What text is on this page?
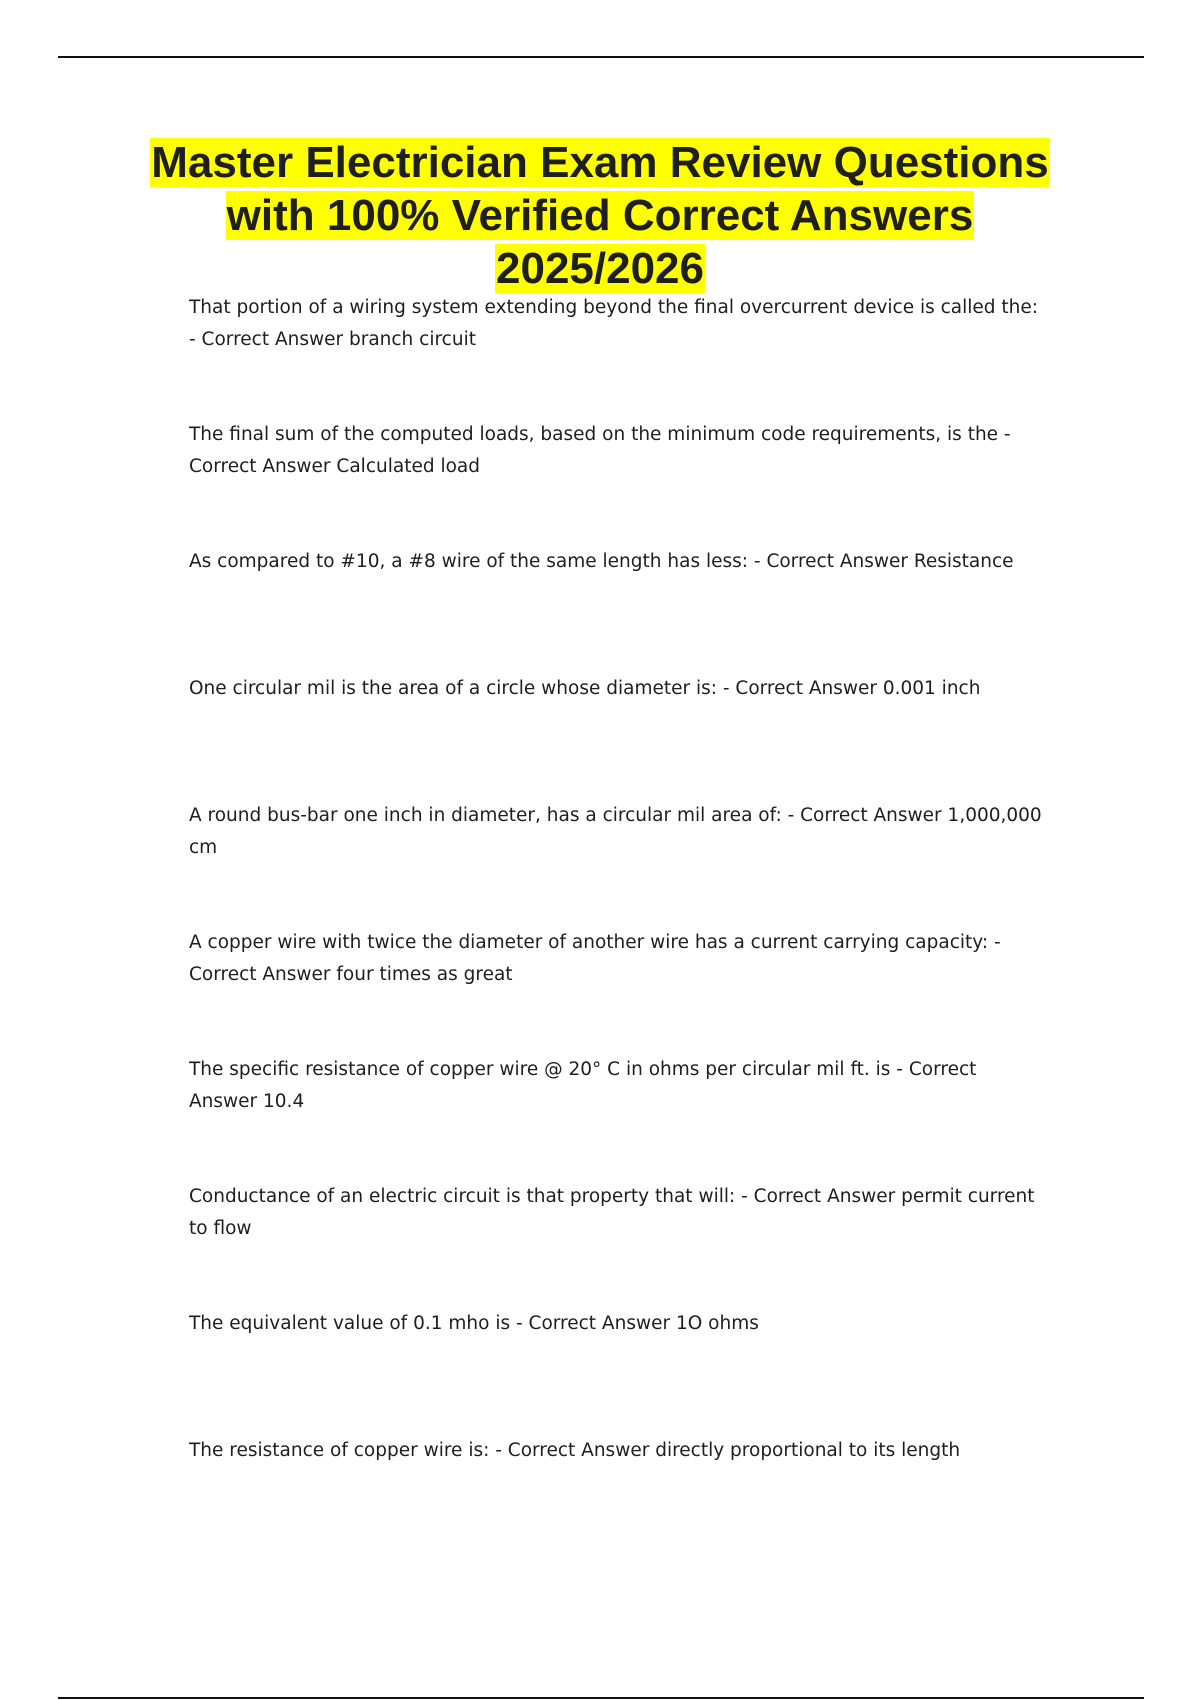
Master Electrician Exam Review Questions with 100% Verified Correct Answers 2025/2026
That portion of a wiring system extending beyond the final overcurrent device is called the: - Correct Answer branch circuit
The final sum of the computed loads, based on the minimum code requirements, is the - Correct Answer Calculated load
As compared to #10, a #8 wire of the same length has less: - Correct Answer Resistance
One circular mil is the area of a circle whose diameter is: - Correct Answer 0.001 inch
A round bus-bar one inch in diameter, has a circular mil area of: - Correct Answer 1,000,000 cm
A copper wire with twice the diameter of another wire has a current carrying capacity: - Correct Answer four times as great
The specific resistance of copper wire @ 20° C in ohms per circular mil ft. is - Correct Answer 10.4
Conductance of an electric circuit is that property that will: - Correct Answer permit current to flow
The equivalent value of 0.1 mho is - Correct Answer 1O ohms
The resistance of copper wire is: - Correct Answer directly proportional to its length
